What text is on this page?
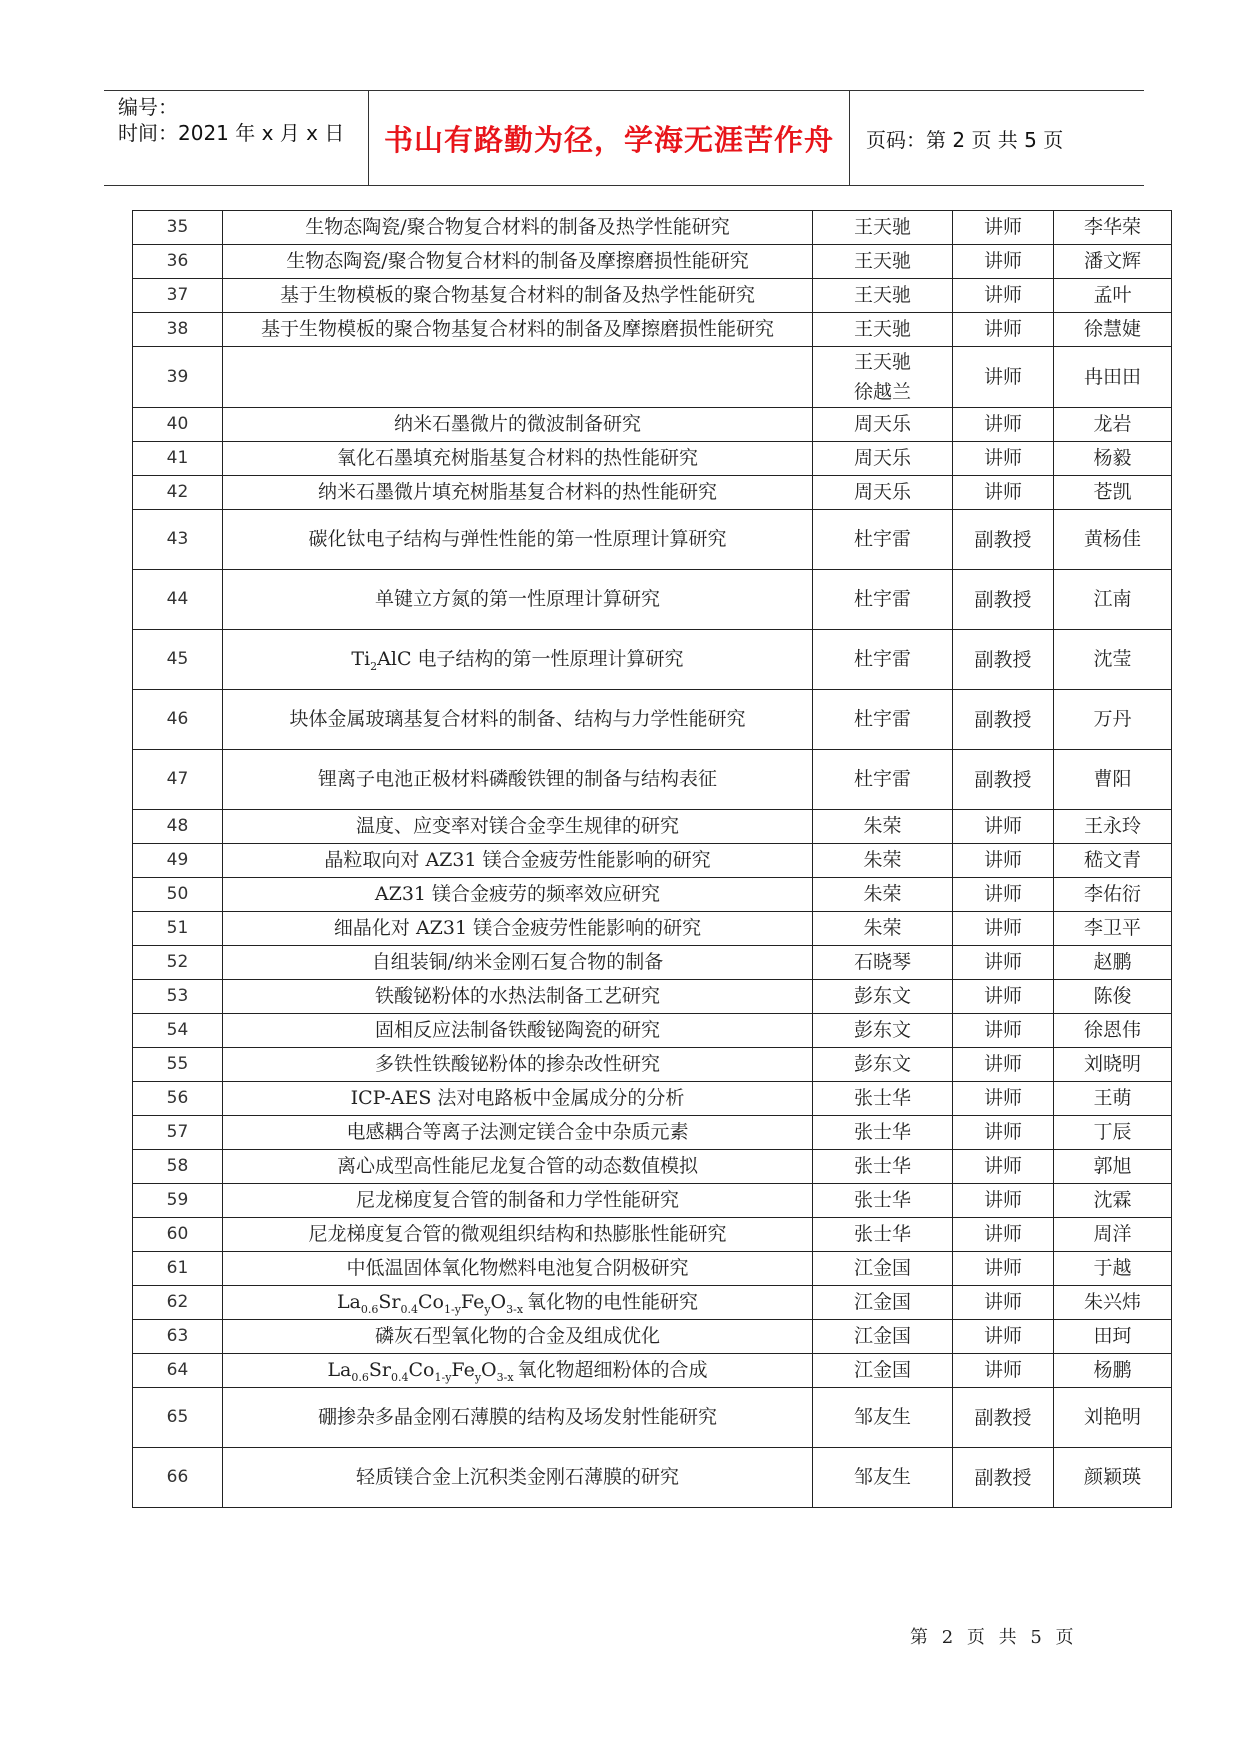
编号：
时间：2021 年 x 月 x 日	书山有路勤为径，学海无涯苦作舟	页码：第 2 页 共 5 页
35	生物态陶瓷/聚合物复合材料的制备及热学性能研究	王天驰	讲师	李华荣
36	生物态陶瓷/聚合物复合材料的制备及摩擦磨损性能研究	王天驰	讲师	潘文辉
37	基于生物模板的聚合物基复合材料的制备及热学性能研究	王天驰	讲师	孟叶
38	基于生物模板的聚合物基复合材料的制备及摩擦磨损性能研究	王天驰	讲师	徐慧婕
39		王天驰 徐越兰	讲师	冉田田
40	纳米石墨微片的微波制备研究	周天乐	讲师	龙岩
41	氧化石墨填充树脂基复合材料的热性能研究	周天乐	讲师	杨毅
42	纳米石墨微片填充树脂基复合材料的热性能研究	周天乐	讲师	苍凯
43	碳化钛电子结构与弹性性能的第一性原理计算研究	杜宇雷	副教授	黄杨佳
44	单键立方氮的第一性原理计算研究	杜宇雷	副教授	江南
45	$Ti_2AlC$ 电子结构的第一性原理计算研究	杜宇雷	副教授	沈莹
46	块体金属玻璃基复合材料的制备、结构与力学性能研究	杜宇雷	副教授	万丹
47	锂离子电池正极材料磷酸铁锂的制备与结构表征	杜宇雷	副教授	曹阳
48	温度、应变率对镁合金孪生规律的研究	朱荣	讲师	王永玲
49	晶粒取向对 AZ31 镁合金疲劳性能影响的研究	朱荣	讲师	嵇文青
50	AZ31 镁合金疲劳的频率效应研究	朱荣	讲师	李佑衍
51	细晶化对 AZ31 镁合金疲劳性能影响的研究	朱荣	讲师	李卫平
52	自组装铜/纳米金刚石复合物的制备	石晓琴	讲师	赵鹏
53	铁酸铋粉体的水热法制备工艺研究	彭东文	讲师	陈俊
54	固相反应法制备铁酸铋陶瓷的研究	彭东文	讲师	徐恩伟
55	多铁性铁酸铋粉体的掺杂改性研究	彭东文	讲师	刘晓明
56	ICP-AES 法对电路板中金属成分的分析	张士华	讲师	王萌
57	电感耦合等离子法测定镁合金中杂质元素	张士华	讲师	丁辰
58	离心成型高性能尼龙复合管的动态数值模拟	张士华	讲师	郭旭
59	尼龙梯度复合管的制备和力学性能研究	张士华	讲师	沈霖
60	尼龙梯度复合管的微观组织结构和热膨胀性能研究	张士华	讲师	周洋
61	中低温固体氧化物燃料电池复合阴极研究	江金国	讲师	于越
62	$La_{0.6}Sr_{0.4}Co_{1-y}Fe_yO_{3-x}$ 氧化物的电性能研究	江金国	讲师	朱兴炜
63	磷灰石型氧化物的合金及组成优化	江金国	讲师	田珂
64	$La_{0.6}Sr_{0.4}Co_{1-y}Fe_yO_{3-x}$ 氧化物超细粉体的合成	江金国	讲师	杨鹏
65	硼掺杂多晶金刚石薄膜的结构及场发射性能研究	邹友生	副教授	刘艳明
66	轻质镁合金上沉积类金刚石薄膜的研究	邹友生	副教授	颜颖瑛
第 2 页 共 5 页
